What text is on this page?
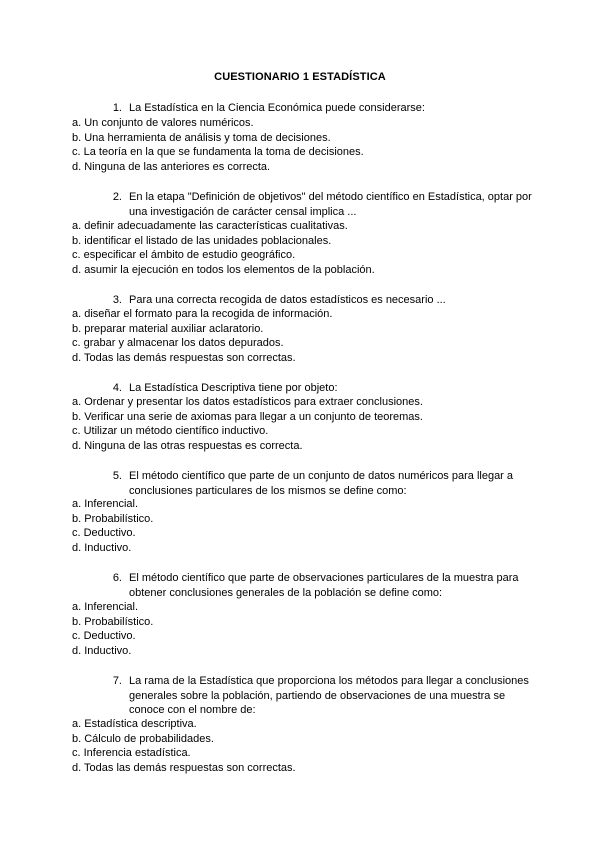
CUESTIONARIO 1 ESTADÍSTICA
1. La Estadística en la Ciencia Económica puede considerarse:
a. Un conjunto de valores numéricos.
b. Una herramienta de análisis y toma de decisiones.
c. La teoría en la que se fundamenta la toma de decisiones.
d. Ninguna de las anteriores es correcta.
2. En la etapa "Definición de objetivos" del método científico en Estadística, optar por una investigación de carácter censal implica ...
a. definir adecuadamente las características cualitativas.
b. identificar el listado de las unidades poblacionales.
c. especificar el ámbito de estudio geográfico.
d. asumir la ejecución en todos los elementos de la población.
3. Para una correcta recogida de datos estadísticos es necesario ...
a. diseñar el formato para la recogida de información.
b. preparar material auxiliar aclaratorio.
c. grabar y almacenar los datos depurados.
d. Todas las demás respuestas son correctas.
4. La Estadística Descriptiva tiene por objeto:
a. Ordenar y presentar los datos estadísticos para extraer conclusiones.
b. Verificar una serie de axiomas para llegar a un conjunto de teoremas.
c. Utilizar un método científico inductivo.
d. Ninguna de las otras respuestas es correcta.
5. El método científico que parte de un conjunto de datos numéricos para llegar a conclusiones particulares de los mismos se define como:
a. Inferencial.
b. Probabilístico.
c. Deductivo.
d. Inductivo.
6. El método científico que parte de observaciones particulares de la muestra para obtener conclusiones generales de la población se define como:
a. Inferencial.
b. Probabilístico.
c. Deductivo.
d. Inductivo.
7. La rama de la Estadística que proporciona los métodos para llegar a conclusiones generales sobre la población, partiendo de observaciones de una muestra se conoce con el nombre de:
a. Estadística descriptiva.
b. Cálculo de probabilidades.
c. Inferencia estadística.
d. Todas las demás respuestas son correctas.
